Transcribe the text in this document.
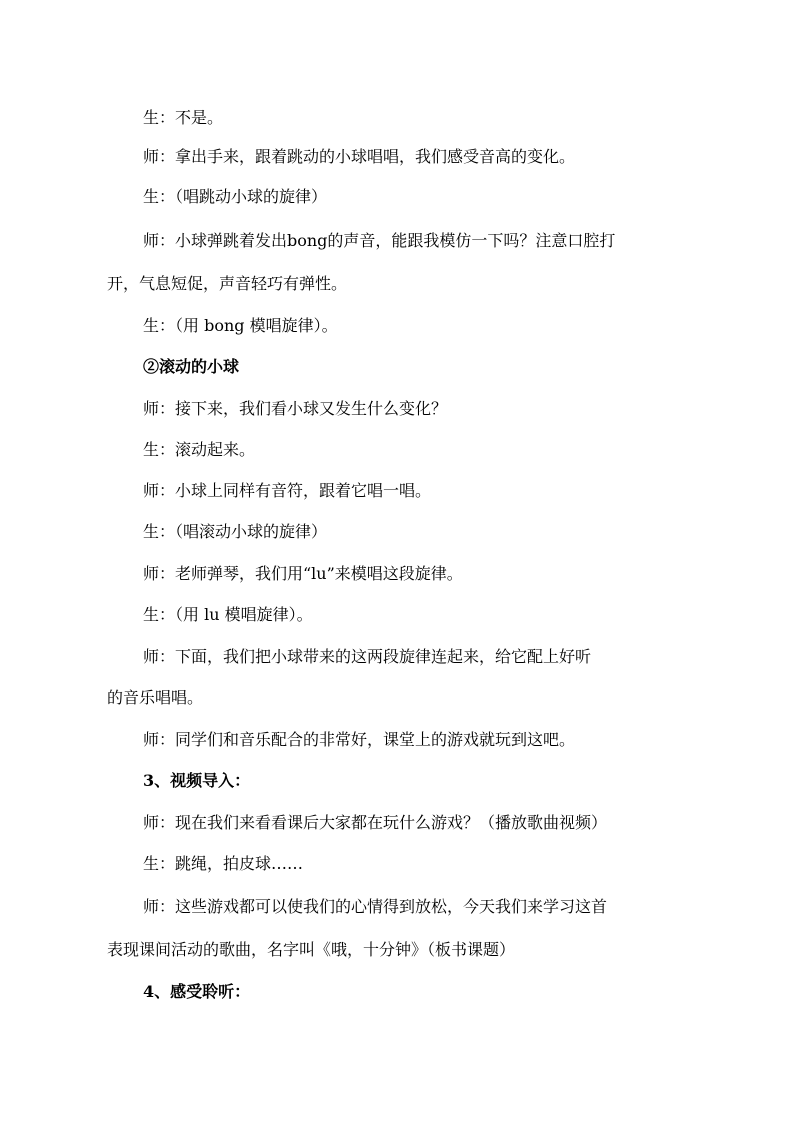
生：不是。
师：拿出手来，跟着跳动的小球唱唱，我们感受音高的变化。
生：（唱跳动小球的旋律）
师：小球弹跳着发出bong的声音，能跟我模仿一下吗？注意口腔打
开，气息短促，声音轻巧有弹性。
生：（用 bong 模唱旋律）。
②滚动的小球
师：接下来，我们看小球又发生什么变化？
生：滚动起来。
师：小球上同样有音符，跟着它唱一唱。
生：（唱滚动小球的旋律）
师：老师弹琴，我们用“lu”来模唱这段旋律。
生：（用 lu 模唱旋律）。
师：下面，我们把小球带来的这两段旋律连起来，给它配上好听
的音乐唱唱。
师：同学们和音乐配合的非常好，课堂上的游戏就玩到这吧。
3、视频导入：
师：现在我们来看看课后大家都在玩什么游戏？（播放歌曲视频）
生：跳绳，拍皮球……
师：这些游戏都可以使我们的心情得到放松，今天我们来学习这首
表现课间活动的歌曲，名字叫《哦，十分钟》（板书课题）
4、感受聆听：
